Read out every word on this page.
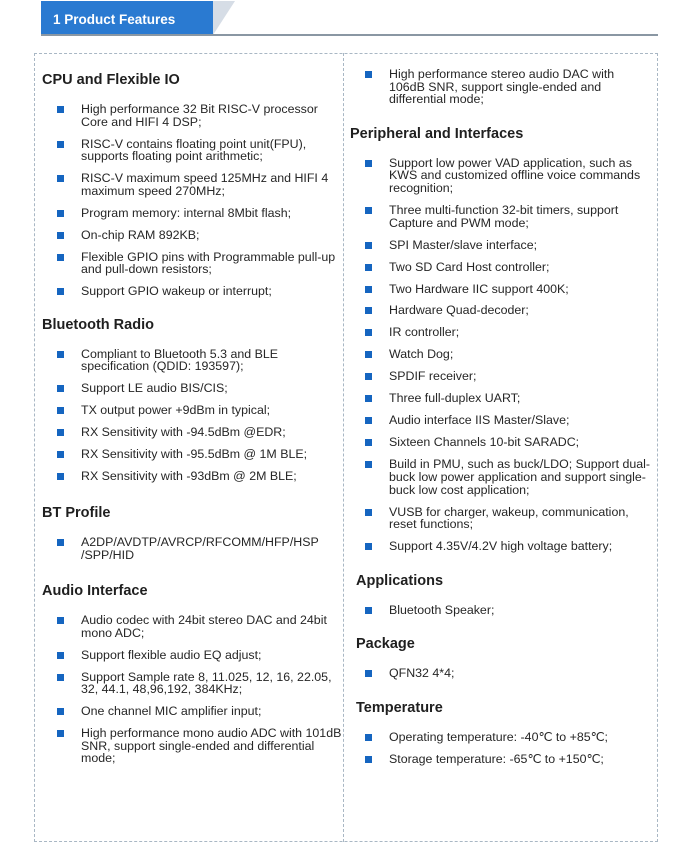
1 Product Features
CPU and Flexible IO
High performance 32 Bit RISC-V processor Core and HIFI 4 DSP;
RISC-V contains floating point unit(FPU), supports floating point arithmetic;
RISC-V maximum speed 125MHz and HIFI 4 maximum speed 270MHz;
Program memory: internal 8Mbit flash;
On-chip RAM 892KB;
Flexible GPIO pins with Programmable pull-up and pull-down resistors;
Support GPIO wakeup or interrupt;
Bluetooth Radio
Compliant to Bluetooth 5.3 and BLE specification (QDID: 193597);
Support LE audio BIS/CIS;
TX output power +9dBm in typical;
RX Sensitivity with -94.5dBm @EDR;
RX Sensitivity with -95.5dBm @ 1M BLE;
RX Sensitivity with -93dBm @ 2M BLE;
BT Profile
A2DP/AVDTP/AVRCP/RFCOMM/HFP/HSP /SPP/HID
Audio Interface
Audio codec with 24bit stereo DAC and 24bit mono ADC;
Support flexible audio EQ adjust;
Support Sample rate 8, 11.025, 12, 16, 22.05, 32, 44.1, 48,96,192, 384KHz;
One channel MIC amplifier input;
High performance mono audio ADC with 101dB SNR, support single-ended and differential mode;
High performance stereo audio DAC with 106dB SNR, support single-ended and differential mode;
Peripheral and Interfaces
Support low power VAD application, such as KWS and customized offline voice commands recognition;
Three multi-function 32-bit timers, support Capture and PWM mode;
SPI Master/slave interface;
Two SD Card Host controller;
Two Hardware IIC support 400K;
Hardware Quad-decoder;
IR controller;
Watch Dog;
SPDIF receiver;
Three full-duplex UART;
Audio interface IIS Master/Slave;
Sixteen Channels 10-bit SARADC;
Build in PMU, such as buck/LDO; Support dual-buck low power application and support single-buck low cost application;
VUSB for charger, wakeup, communication, reset functions;
Support 4.35V/4.2V high voltage battery;
Applications
Bluetooth Speaker;
Package
QFN32 4*4;
Temperature
Operating temperature: -40℃ to +85℃;
Storage temperature: -65℃ to +150℃;
